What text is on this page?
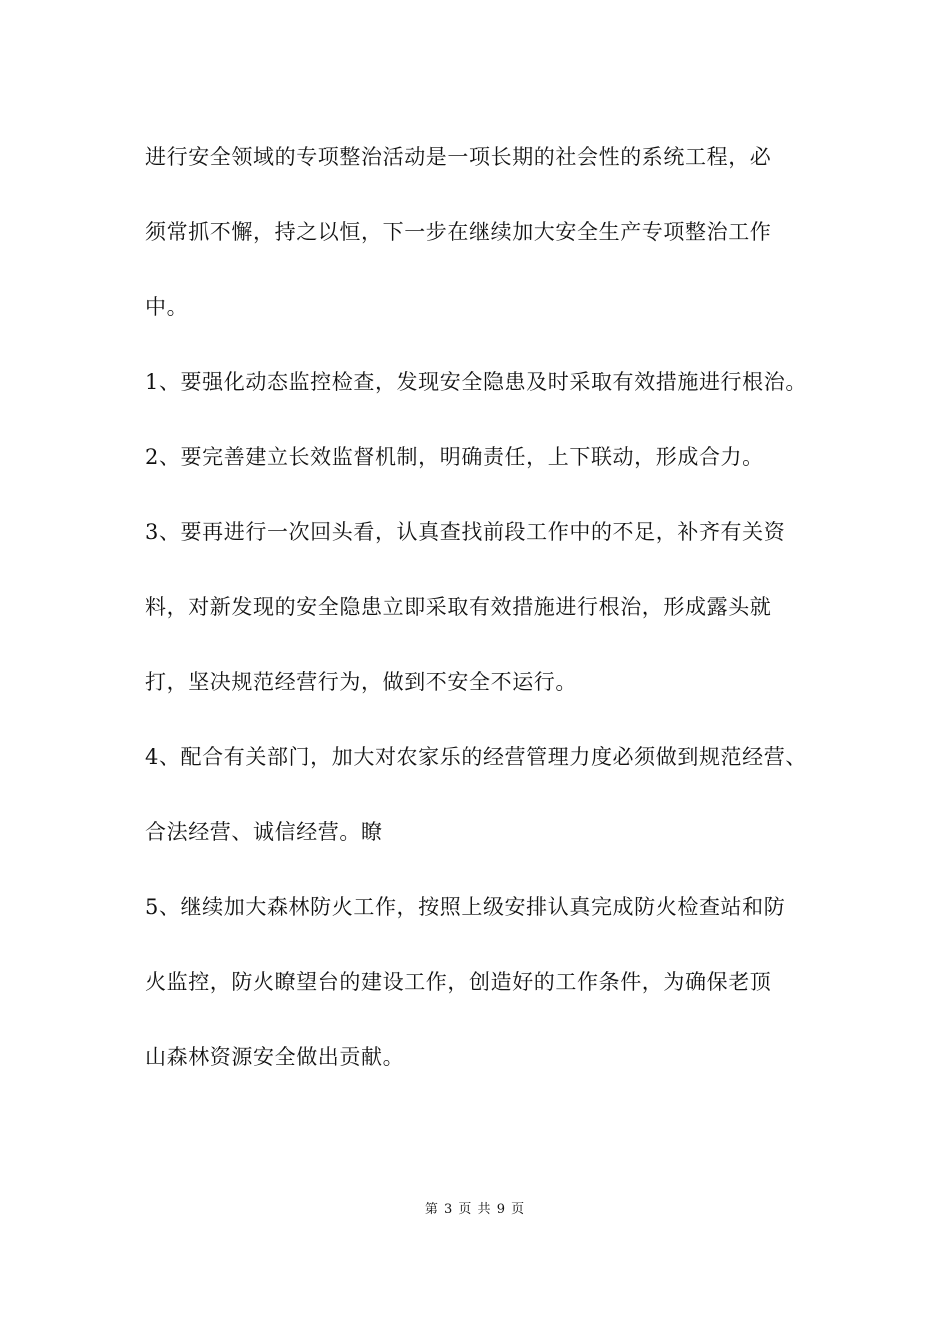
进行安全领域的专项整治活动是一项长期的社会性的系统工程，必
须常抓不懈，持之以恒，下一步在继续加大安全生产专项整治工作
中。
1、要强化动态监控检查，发现安全隐患及时采取有效措施进行根治。
2、要完善建立长效监督机制，明确责任，上下联动，形成合力。
3、要再进行一次回头看，认真查找前段工作中的不足，补齐有关资
料，对新发现的安全隐患立即采取有效措施进行根治，形成露头就
打，坚决规范经营行为，做到不安全不运行。
4、配合有关部门，加大对农家乐的经营管理力度必须做到规范经营、
合法经营、诚信经营。瞭
5、继续加大森林防火工作，按照上级安排认真完成防火检查站和防
火监控，防火瞭望台的建设工作，创造好的工作条件，为确保老顶
山森林资源安全做出贡献。
第 3 页 共 9 页
